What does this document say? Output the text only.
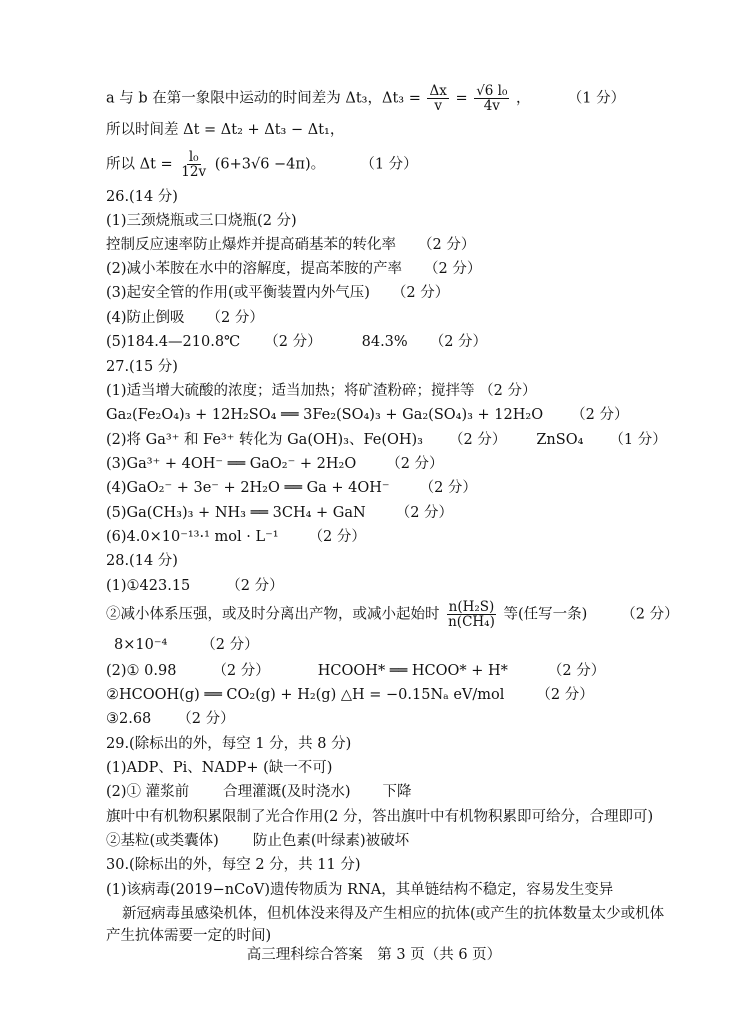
a 与 b 在第一象限中运动的时间差为 Δt₃，$\Delta t_3 = \frac{\Delta x}{v} = \frac{\text{√6 l₀}}{4v}$ ，	（1 分）
所以时间差 Δt = Δt₂ + Δt₃ − Δt₁，
所以 $\Delta t = \frac{\text{l₀}}{12v} (6+3√6 -4\pi)$。 （1 分）
26.(14 分)
(1)三颈烧瓶或三口烧瓶(2 分)
控制反应速率防止爆炸并提高硝基苯的转化率 （2 分）
(2)减小苯胺在水中的溶解度，提高苯胺的产率 （2 分）
(3)起安全管的作用(或平衡装置内外气压) （2 分）
(4)防止倒吸 （2 分）
(5)184.4—210.8℃ （2 分）	84.3% （2 分）
27.(15 分)
(1)适当增大硫酸的浓度；适当加热；将矿渣粉碎；搅拌等 （2 分）
Ga₂(Fe₂O₄)₃ + 12H₂SO₄ ══ 3Fe₂(SO₄)₃ + Ga₂(SO₄)₃ + 12H₂O （2 分）
(2)将 Ga³⁺ 和 Fe³⁺ 转化为 Ga(OH)₃、Fe(OH)₃ （2 分） ZnSO₄ （1 分）
(3)Ga³⁺ + 4OH⁻ ══ GaO₂⁻ + 2H₂O （2 分）
(4)GaO₂⁻ + 3e⁻ + 2H₂O ══ Ga + 4OH⁻ （2 分）
(5)Ga(CH₃)₃ + NH₃ ══ 3CH₄ + GaN （2 分）
(6)4.0×10⁻¹³·¹ mol · L⁻¹ （2 分）
28.(14 分)
(1)①423.15 （2 分）
②减小体系压强，或及时分离出产物，或减小起始时 $\frac{\text{n(H₂S)}}{\text{n(CH₄)}}$ 等(任写一条) （2 分）
8×10⁻⁴ （2 分）
(2)① 0.98 （2 分）	HCOOH* ══ HCOO* + H*	（2 分）
②HCOOH(g) ══ CO₂(g) + H₂(g) △H = −0.15Nₐ eV/mol （2 分）
③2.68 （2 分）
29.(除标出的外，每空 1 分，共 8 分)
(1)ADP、Pi、NADP+ (缺一不可)
(2)① 灌浆前 合理灌溉(及时浇水) 下降
旗叶中有机物积累限制了光合作用(2 分，答出旗叶中有机物积累即可给分，合理即可)
②基粒(或类囊体) 防止色素(叶绿素)被破坏
30.(除标出的外，每空 2 分，共 11 分)
(1)该病毒(2019−nCoV)遗传物质为 RNA，其单链结构不稳定，容易发生变异
新冠病毒虽感染机体，但机体没来得及产生相应的抗体(或产生的抗体数量太少或机体
产生抗体需要一定的时间)
高三理科综合答案　第 3 页（共 6 页）
